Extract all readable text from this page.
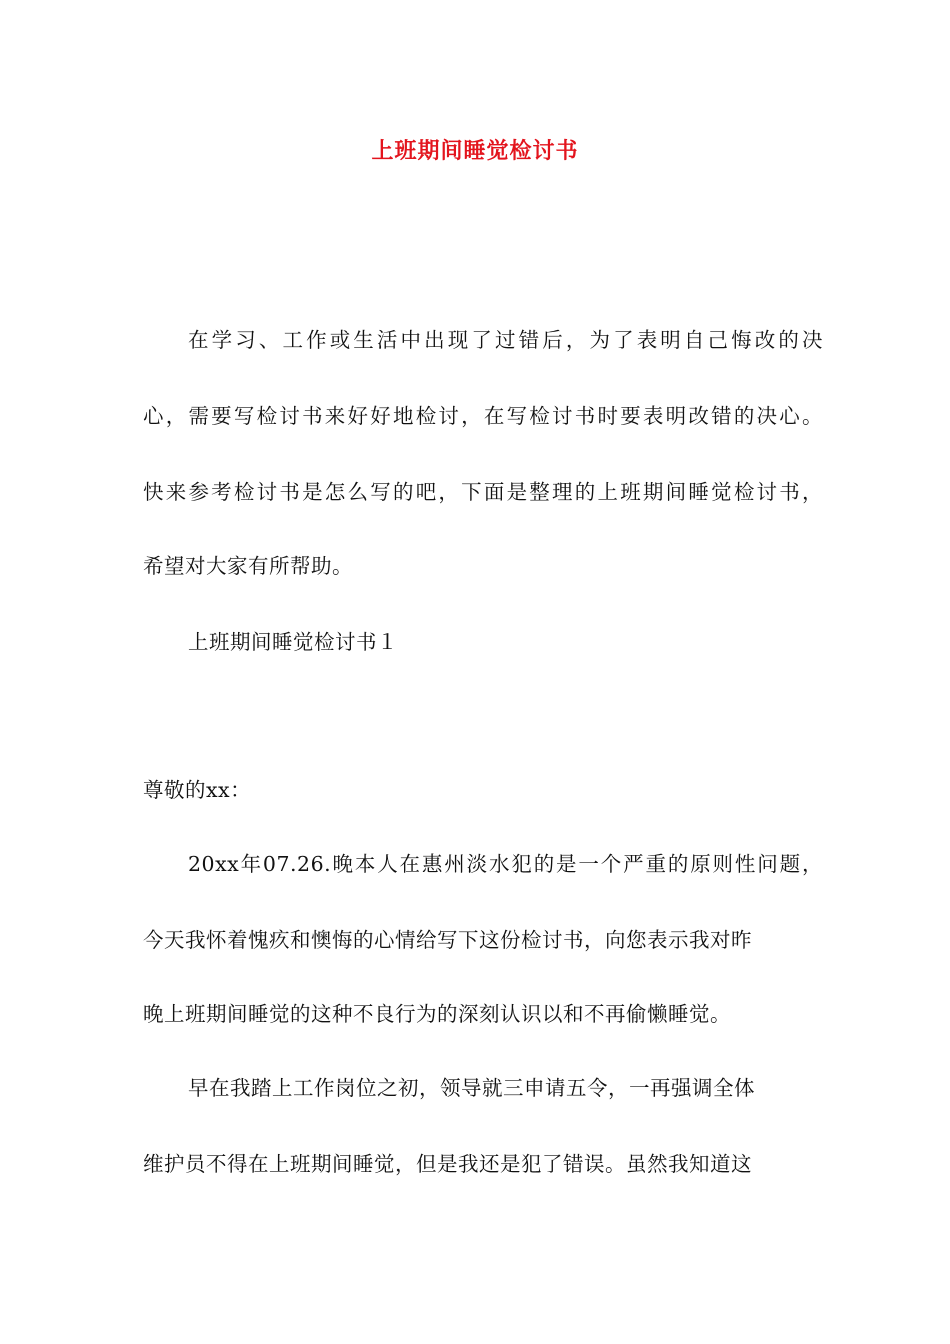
上班期间睡觉检讨书
在学习、工作或生活中出现了过错后，为了表明自己悔改的决
心，需要写检讨书来好好地检讨，在写检讨书时要表明改错的决心。
快来参考检讨书是怎么写的吧，下面是整理的上班期间睡觉检讨书，
希望对大家有所帮助。
上班期间睡觉检讨书１
尊敬的xx：
20xx年07.26.晚本人在惠州淡水犯的是一个严重的原则性问题，
今天我怀着愧疚和懊悔的心情给写下这份检讨书，向您表示我对昨
晚上班期间睡觉的这种不良行为的深刻认识以和不再偷懒睡觉。
早在我踏上工作岗位之初，领导就三申请五令，一再强调全体
维护员不得在上班期间睡觉，但是我还是犯了错误。虽然我知道这
